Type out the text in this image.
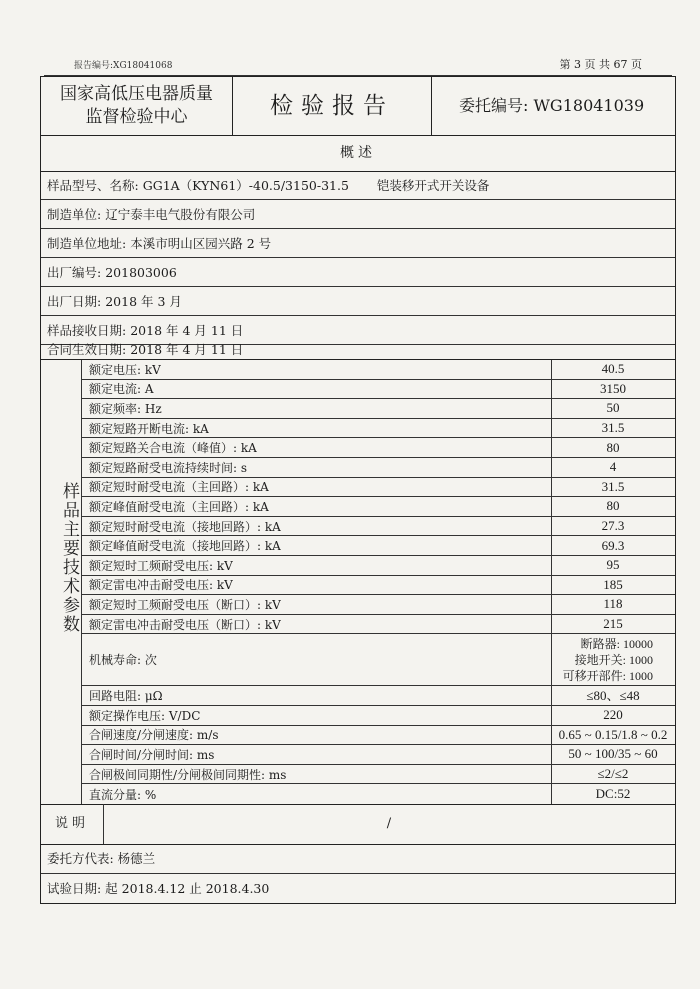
报告编号:XG18041068	第 3 页 共 67 页
国家高低压电器质量
监督检验中心	检验报告	委托编号: WG18041039
概述
样品型号、名称: GG1A（KYN61）-40.5/3150-31.5 铠装移开式开关设备
制造单位: 辽宁泰丰电气股份有限公司
制造单位地址: 本溪市明山区园兴路 2 号
出厂编号: 201803006
出厂日期: 2018 年 3 月
样品接收日期: 2018 年 4 月 11 日
样品主要技术参数
额定电压: kV	40.5
额定电流: A	3150
额定频率: Hz	50
额定短路开断电流: kA	31.5
额定短路关合电流（峰值）: kA	80
额定短路耐受电流持续时间: s	4
额定短时耐受电流（主回路）: kA	31.5
额定峰值耐受电流（主回路）: kA	80
额定短时耐受电流（接地回路）: kA	27.3
额定峰值耐受电流（接地回路）: kA	69.3
额定短时工频耐受电压: kV	95
额定雷电冲击耐受电压: kV	185
额定短时工频耐受电压（断口）: kV	118
额定雷电冲击耐受电压（断口）: kV	215
机械寿命: 次
断路器: 10000
接地开关: 1000
可移开部件: 1000
回路电阻: μΩ	≤80、≤48
额定操作电压: V/DC	220
合闸速度/分闸速度: m/s	0.65 ~ 0.15/1.8 ~ 0.2
合闸时间/分闸时间: ms	50 ~ 100/35 ~ 60
合闸极间同期性/分闸极间同期性: ms	≤2/≤2
直流分量: %	DC:52
说明	/
委托方代表: 杨德兰
试验日期: 起 2018.4.12 止 2018.4.30
合同生效日期: 2018 年 4 月 11 日
